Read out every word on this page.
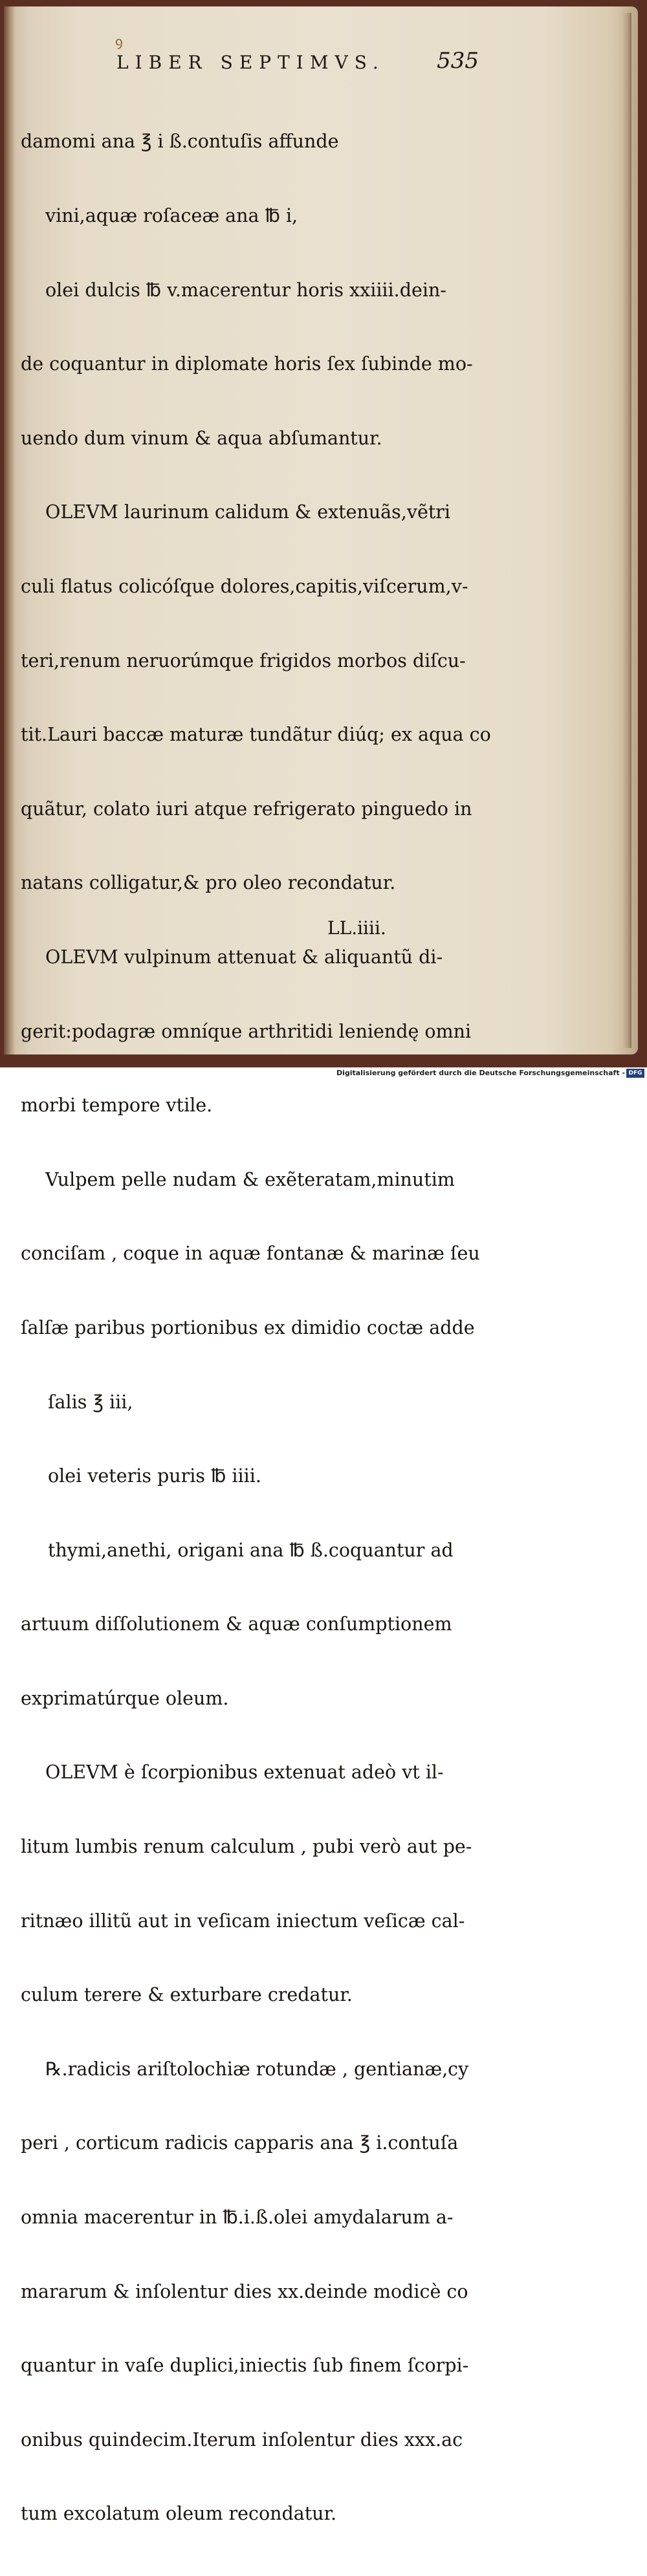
ꝯ
LIBER SEPTIMVS. 535

damomi ana ℥ i ß.contuſis affunde

vini,aquæ roſaceæ ana ℔ i,

olei dulcis ℔ v.macerentur horis xxiiii.dein-

de coquantur in diplomate horis ſex ſubinde mo-

uendo dum vinum & aqua abſumantur.

OLEVM laurinum calidum & extenuãs,vẽtri

culi flatus colicóſque dolores,capitis,viſcerum,v-

teri,renum neruorúmque frigidos morbos diſcu-

tit.Lauri baccæ maturæ tundãtur diúq; ex aqua co

quãtur, colato iuri atque refrigerato pinguedo in

natans colligatur,& pro oleo recondatur.

OLEVM vulpinum attenuat & aliquantũ di-

gerit:podagræ omníque arthritidi leniendę omni

morbi tempore vtile.

Vulpem pelle nudam & exẽteratam,minutim

conciſam , coque in aquæ fontanæ & marinæ ſeu

ſalſæ paribus portionibus ex dimidio coctæ adde

ſalis ℥ iii,

olei veteris puris ℔ iiii.

thymi,anethi, origani ana ℔ ß.coquantur ad

artuum diſſolutionem & aquæ conſumptionem

exprimatúrque oleum.

OLEVM è ſcorpionibus extenuat adeò vt il-

litum lumbis renum calculum , pubi verò aut pe-

ritnæo illitũ aut in veſicam iniectum veſicæ cal-

culum terere & exturbare credatur.

℞.radicis ariſtolochiæ rotundæ , gentianæ,cy

peri , corticum radicis capparis ana ℥ i.contuſa

omnia macerentur in ℔.i.ß.olei amydalarum a-

mararum & inſolentur dies xx.deinde modicè co

quantur in vaſe duplici,iniectis ſub finem ſcorpi-

onibus quindecim.Iterum inſolentur dies xxx.ac

tum excolatum oleum recondatur.

LL.iiii.
Digitalisierung gefördert durch die Deutsche Forschungsgemeinschaft - DFG
